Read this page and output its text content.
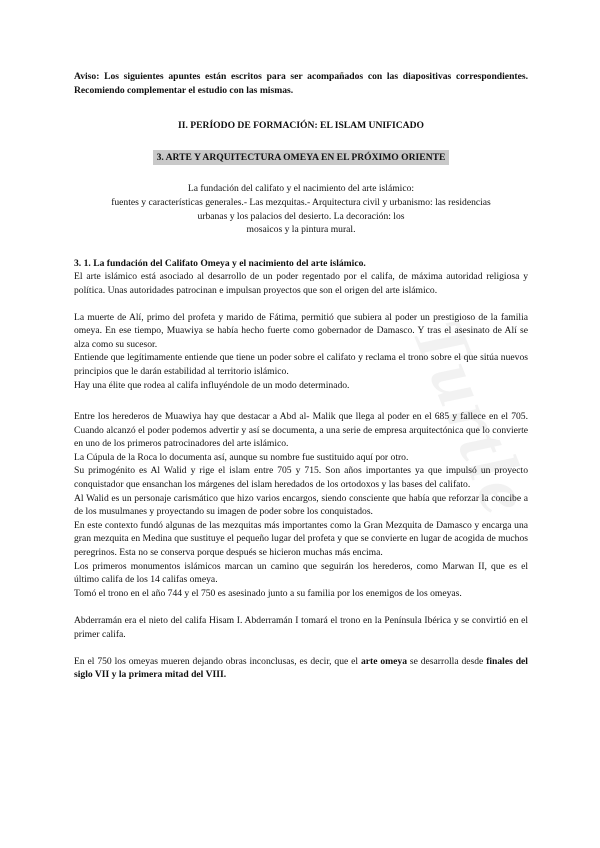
Turtle

Aviso: Los siguientes apuntes están escritos para ser acompañados con las diapositivas correspondientes. Recomiendo complementar el estudio con las mismas.

II. PERÍODO DE FORMACIÓN: EL ISLAM UNIFICADO

3. ARTE Y ARQUITECTURA OMEYA EN EL PRÓXIMO ORIENTE
La fundación del califato y el nacimiento del arte islámico:
fuentes y características generales.- Las mezquitas.- Arquitectura civil y urbanismo: las residencias
urbanas y los palacios del desierto. La decoración: los
mosaicos y la pintura mural.

3. 1. La fundación del Califato Omeya y el nacimiento del arte islámico.

El arte islámico está asociado al desarrollo de un poder regentado por el califa, de máxima autoridad religiosa y política. Unas autoridades patrocinan e impulsan proyectos que son el origen del arte islámico.

La muerte de Alí, primo del profeta y marido de Fátima, permitió que subiera al poder un prestigioso de la familia omeya. En ese tiempo, Muawiya se había hecho fuerte como gobernador de Damasco. Y tras el asesinato de Alí se alza como su sucesor.

Entiende que legítimamente entiende que tiene un poder sobre el califato y reclama el trono sobre el que sitúa nuevos principios que le darán estabilidad al territorio islámico.

Hay una élite que rodea al califa influyéndole de un modo determinado.

Entre los herederos de Muawiya hay que destacar a Abd al- Malik que llega al poder en el 685 y fallece en el 705. Cuando alcanzó el poder podemos advertir y así se documenta, a una serie de empresa arquitectónica que lo convierte en uno de los primeros patrocinadores del arte islámico.

La Cúpula de la Roca lo documenta así, aunque su nombre fue sustituido aquí por otro.

Su primogénito es Al Walid y rige el islam entre 705 y 715. Son años importantes ya que impulsó un proyecto conquistador que ensanchan los márgenes del islam heredados de los ortodoxos y las bases del califato.

Al Walid es un personaje carismático que hizo varios encargos, siendo consciente que había que reforzar la concibe a de los musulmanes y proyectando su imagen de poder sobre los conquistados.

En este contexto fundó algunas de las mezquitas más importantes como la Gran Mezquita de Damasco y encarga una gran mezquita en Medina que sustituye el pequeño lugar del profeta y que se convierte en lugar de acogida de muchos peregrinos. Esta no se conserva porque después se hicieron muchas más encima.

Los primeros monumentos islámicos marcan un camino que seguirán los herederos, como Marwan II, que es el último califa de los 14 califas omeya.

Tomó el trono en el año 744 y el 750 es asesinado junto a su familia por los enemigos de los omeyas.

Abderramán era el nieto del califa Hisam I. Abderramán I tomará el trono en la Península Ibérica y se convirtió en el primer califa.

En el 750 los omeyas mueren dejando obras inconclusas, es decir, que el arte omeya se desarrolla desde finales del siglo VII y la primera mitad del VIII.
